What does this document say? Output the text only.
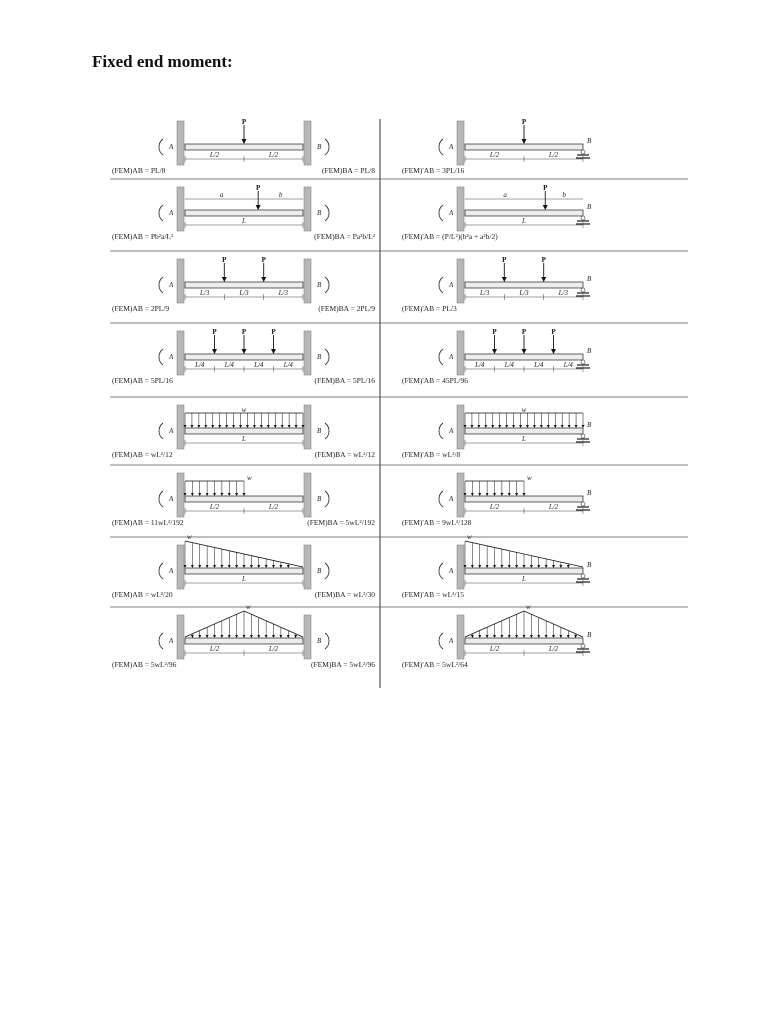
Fixed end moment:
A	B
P
L/2	L/2
(FEM)AB = PL/8	(FEM)BA = PL/8
A
B
P
L/2	L/2
(FEM)'AB = 3PL/16
A	B
P
a	b
L
(FEM)AB = Pb²a/L²	(FEM)BA = Pa²b/L²
A
B
P
a	b
L
(FEM)'AB = (P/L²)(b²a + a²b/2)
A	B
P	P
L/3	L/3	L/3
(FEM)AB = 2PL/9	(FEM)BA = 2PL/9
A
B
P	P
L/3	L/3	L/3
(FEM)'AB = PL/3
A	B
P	P	P
L/4	L/4	L/4	L/4
(FEM)AB = 5PL/16	(FEM)BA = 5PL/16
A
B
P	P	P
L/4	L/4	L/4	L/4
(FEM)'AB = 45PL/96
A	B
w
L
(FEM)AB = wL²/12	(FEM)BA = wL²/12
A
B
w
L
(FEM)'AB = wL²/8
A	B
w
L/2	L/2
(FEM)AB = 11wL²/192	(FEM)BA = 5wL²/192
A
B
w
L/2	L/2
(FEM)'AB = 9wL²/128
A	B
w
L
(FEM)AB = wL²/20	(FEM)BA = wL²/30
A
B
w
L
(FEM)'AB = wL²/15
A	B
w
L/2	L/2
(FEM)AB = 5wL²/96	(FEM)BA = 5wL²/96
A
B
w
L/2	L/2
(FEM)'AB = 5wL²/64
